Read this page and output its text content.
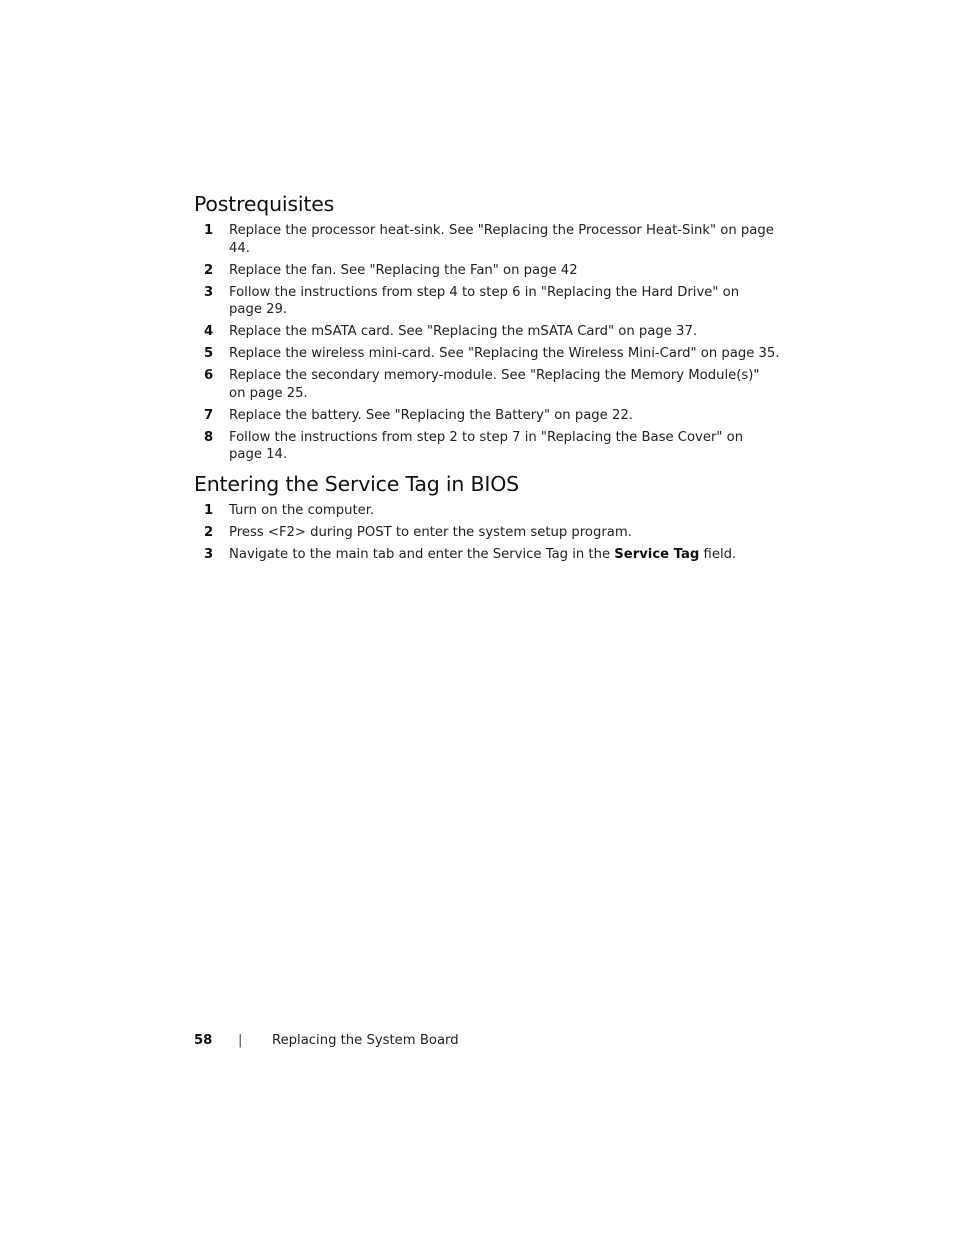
Postrequisites
1	Replace the processor heat-sink. See "Replacing the Processor Heat-Sink" on page 44.
2	Replace the fan. See "Replacing the Fan" on page 42
3	Follow the instructions from step 4 to step 6 in "Replacing the Hard Drive" on page 29.
4	Replace the mSATA card. See "Replacing the mSATA Card" on page 37.
5	Replace the wireless mini-card. See "Replacing the Wireless Mini-Card" on page 35.
6	Replace the secondary memory-module. See "Replacing the Memory Module(s)" on page 25.
7	Replace the battery. See "Replacing the Battery" on page 22.
8	Follow the instructions from step 2 to step 7 in "Replacing the Base Cover" on page 14.
Entering the Service Tag in BIOS
1	Turn on the computer.
2	Press <F2> during POST to enter the system setup program.
3	Navigate to the main tab and enter the Service Tag in the Service Tag field.
58	|	Replacing the System Board
